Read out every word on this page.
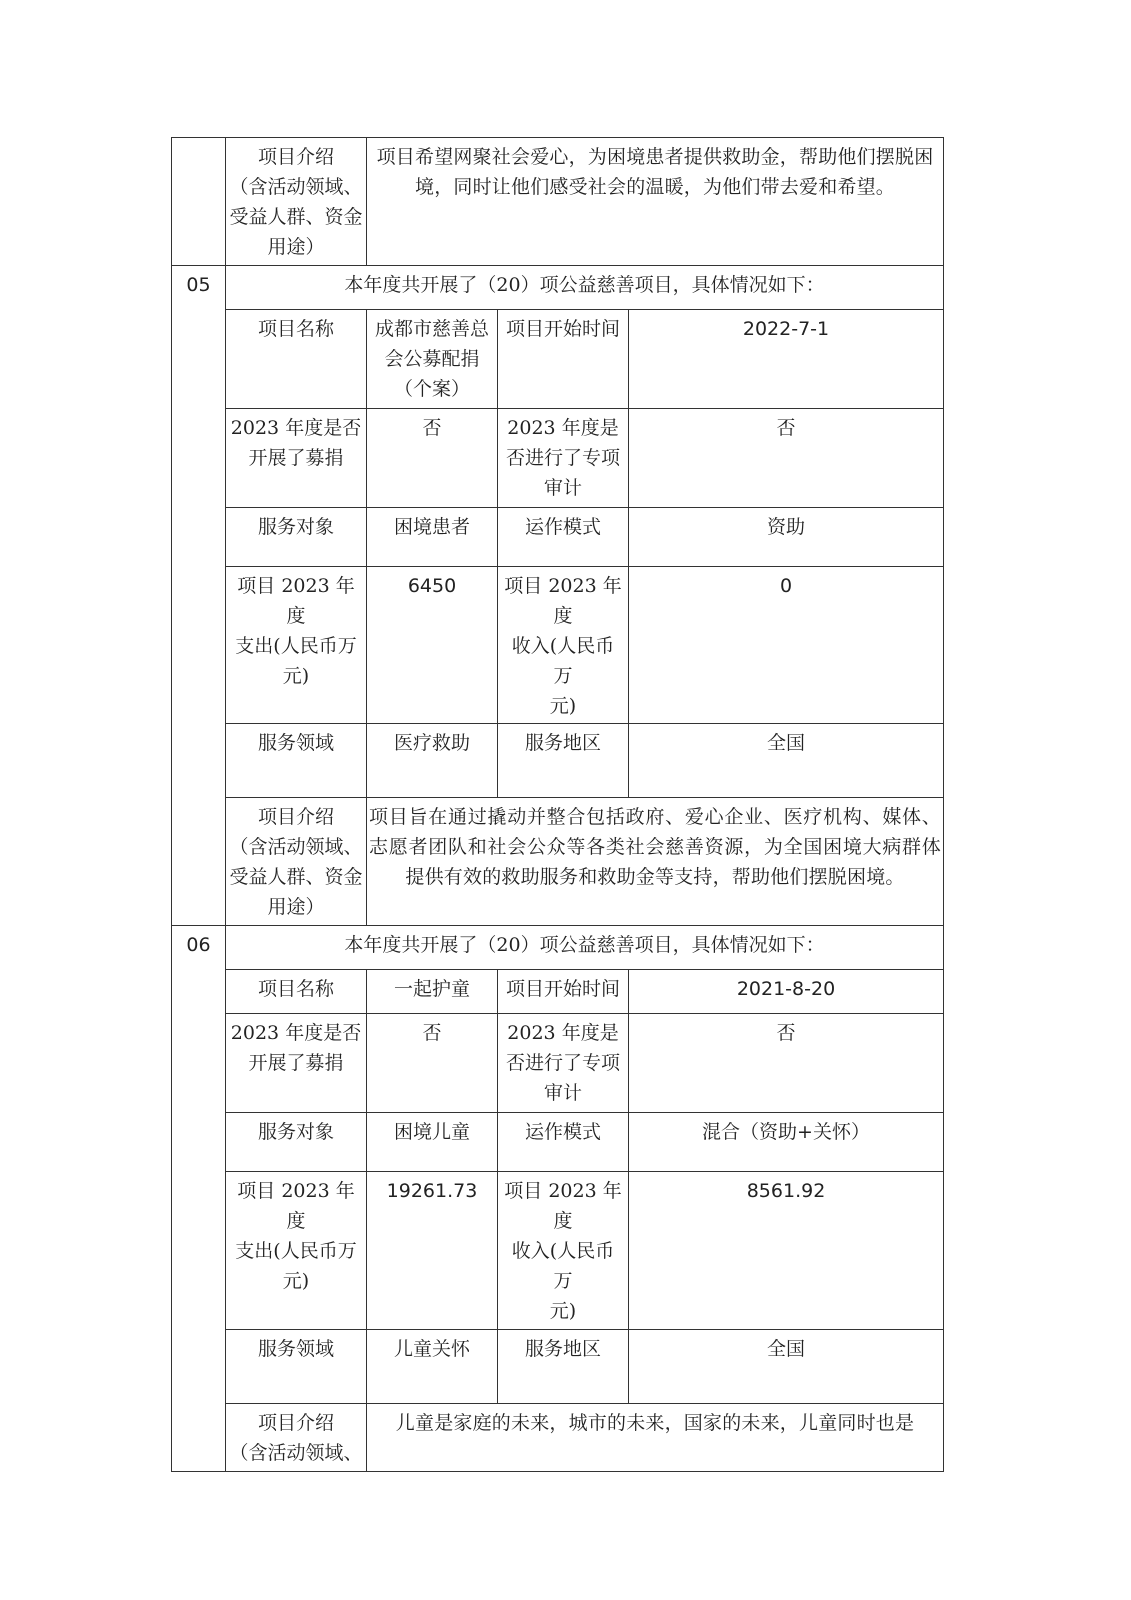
	项目介绍
（含活动领域、
受益人群、资金
用途）	项目希望网聚社会爱心，为困境患者提供救助金，帮助他们摆脱困境，同时让他们感受社会的温暖，为他们带去爱和希望。		
05	本年度共开展了（20）项公益慈善项目，具体情况如下：			
	项目名称	成都市慈善总会公募配捐（个案）	项目开始时间	2022-7-1
	2023 年度是否开展了募捐	否	2023 年度是否进行了专项审计	否
	服务对象	困境患者	运作模式	资助

	项目 2023 年度
支出(人民币万
元)	6450	项目 2023 年度
收入(人民币
万
元)	0
	服务领域	医疗救助	服务地区	全国

	项目介绍
（含活动领域、
受益人群、资金
用途）	项目旨在通过撬动并整合包括政府、爱心企业、医疗机构、媒体、志愿者团队和社会公众等各类社会慈善资源，为全国困境大病群体提供有效的救助服务和救助金等支持，帮助他们摆脱困境。		
06	本年度共开展了（20）项公益慈善项目，具体情况如下：			
	项目名称	一起护童	项目开始时间	2021-8-20
	2023 年度是否开展了募捐	否	2023 年度是否进行了专项审计	否
	服务对象	困境儿童	运作模式	混合（资助+关怀）

	项目 2023 年度
支出(人民币万
元)	19261.73	项目 2023 年
度
收入(人民币
万
元)	8561.92
	服务领域	儿童关怀	服务地区	全国

	项目介绍
（含活动领域、	儿童是家庭的未来，城市的未来，国家的未来，儿童同时也是		
